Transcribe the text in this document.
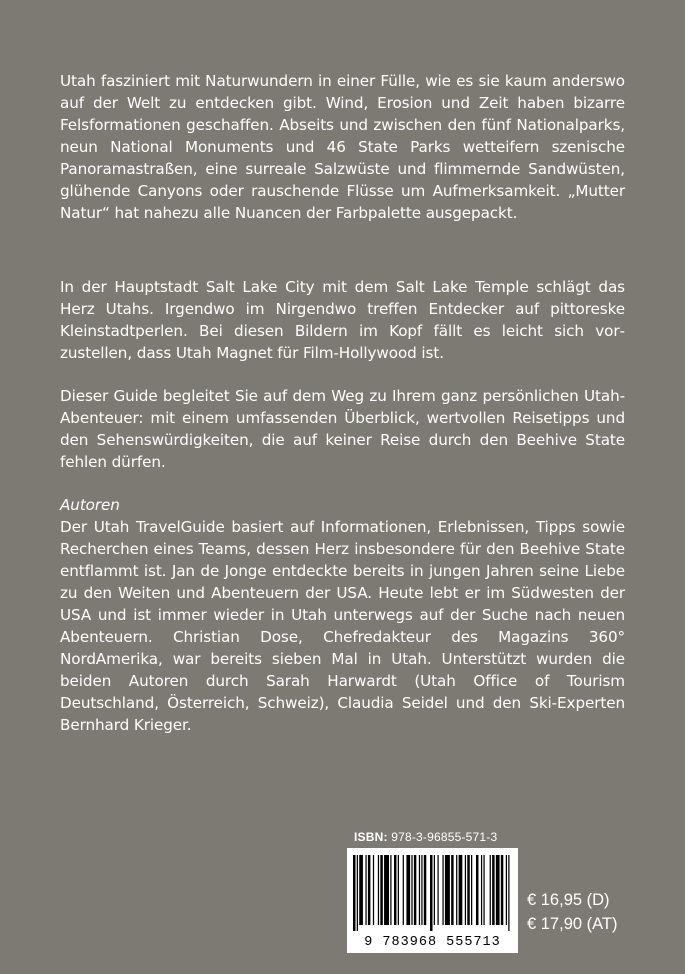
Utah fasziniert mit Naturwundern in einer Fülle, wie es sie kaum anderswo auf der Welt zu entdecken gibt. Wind, Erosion und Zeit haben bizarre Felsformationen geschaffen. Abseits und zwischen den fünf Nationalparks, neun National Monuments und 46 State Parks wetteifern szenische Panoramastraßen, eine surreale Salzwüste und flimmernde Sandwüsten, glühende Canyons oder rauschende Flüsse um Aufmerksamkeit. „Mutter Natur“ hat nahezu alle Nuancen der Farbpalette ausgepackt.

In der Hauptstadt Salt Lake City mit dem Salt Lake Temple schlägt das Herz Utahs. Irgendwo im Nirgendwo treffen Entdecker auf pittoreske Kleinstadtperlen. Bei diesen Bildern im Kopf fällt es leicht sich vorzustellen, dass Utah Magnet für Film-Hollywood ist.

Dieser Guide begleitet Sie auf dem Weg zu Ihrem ganz persönlichen Utah-Abenteuer: mit einem umfassenden Überblick, wertvollen Reisetipps und den Sehenswürdigkeiten, die auf keiner Reise durch den Beehive State fehlen dürfen.

Autoren

Der Utah TravelGuide basiert auf Informationen, Erlebnissen, Tipps sowie Recherchen eines Teams, dessen Herz insbesondere für den Beehive State entflammt ist. Jan de Jonge entdeckte bereits in jungen Jahren seine Liebe zu den Weiten und Abenteuern der USA. Heute lebt er im Südwesten der USA und ist immer wieder in Utah unterwegs auf der Suche nach neuen Abenteuern. Christian Dose, Chefredakteur des Magazins 360° NordAmerika, war bereits sieben Mal in Utah. Unterstützt wurden die beiden Autoren durch Sarah Harwardt (Utah Office of Tourism Deutschland, Österreich, Schweiz), Claudia Seidel und den Ski-Experten Bernhard Krieger.

ISBN: 978-3-96855-571-3
9 783968 555713
€ 16,95 (D)
€ 17,90 (AT)
